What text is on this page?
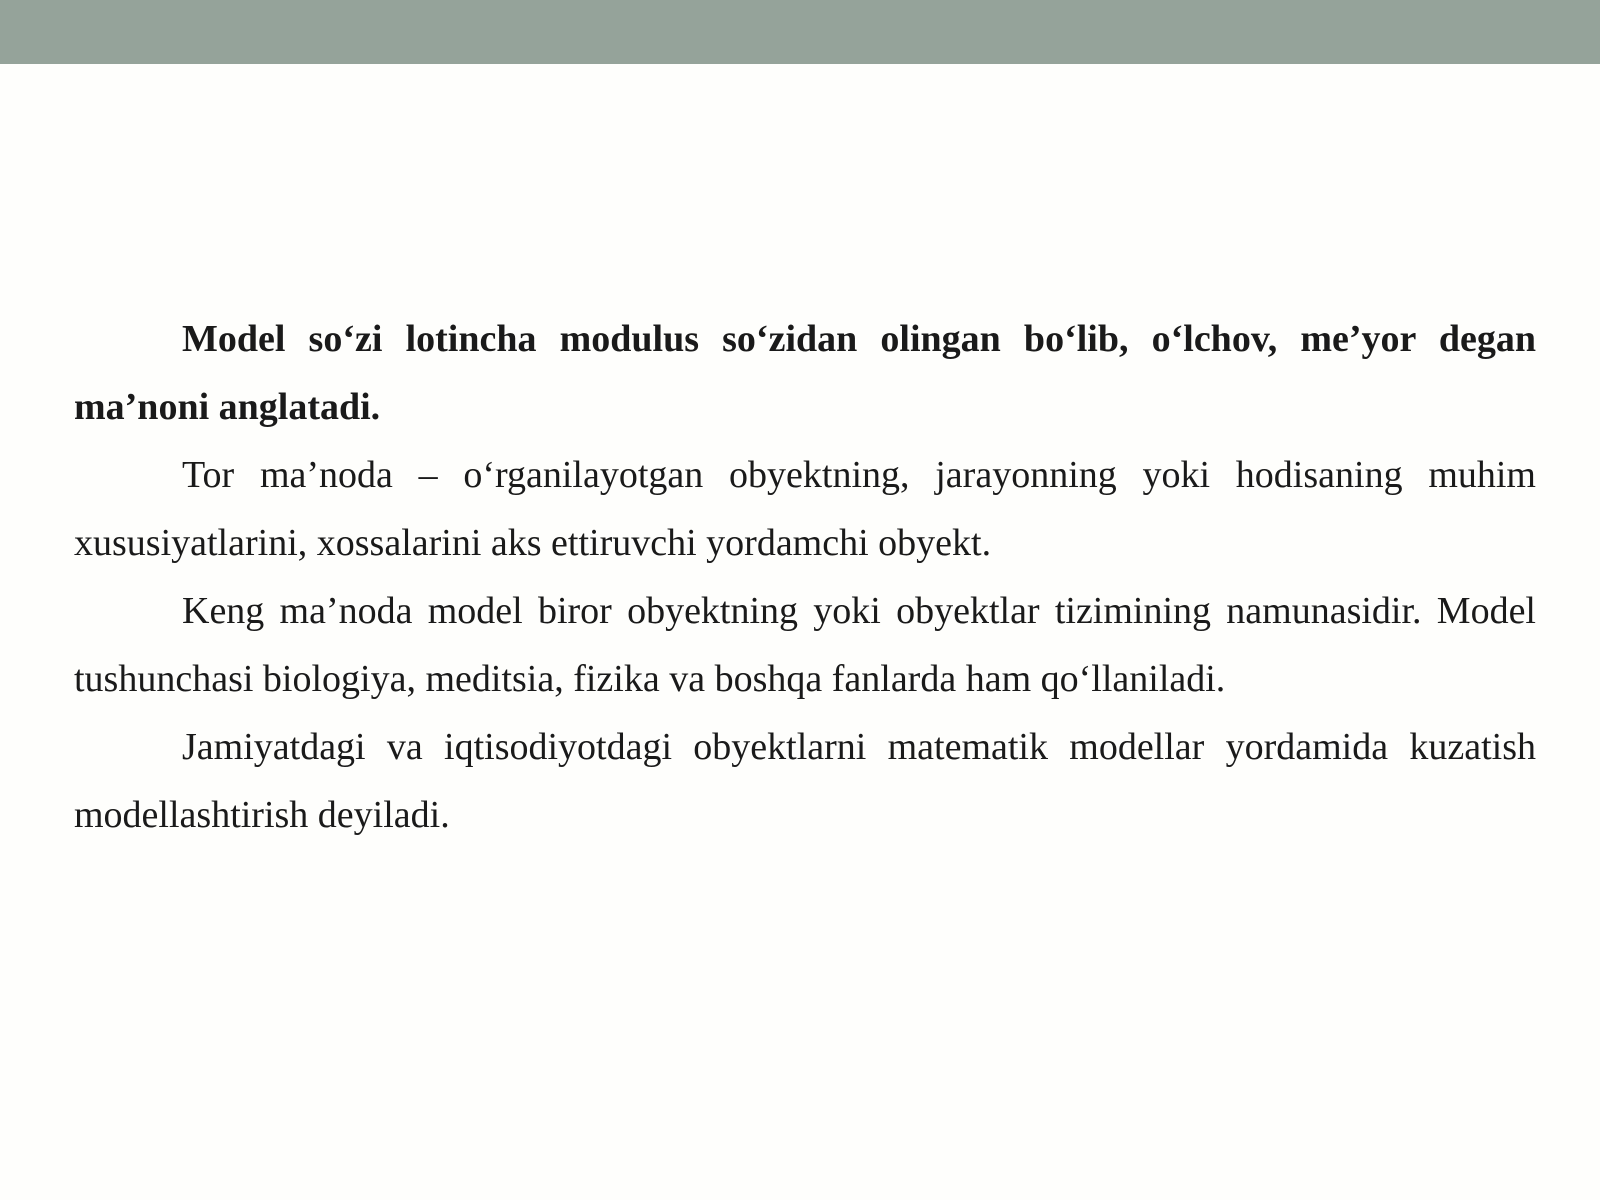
Model so‘zi lotincha modulus so‘zidan olingan bo‘lib, o‘lchov, me’yor degan ma’noni anglatadi.

Tor ma’noda – o‘rganilayotgan obyektning, jarayonning yoki hodisaning muhim xususiyatlarini, xossalarini aks ettiruvchi yordamchi obyekt.

Keng ma’noda model biror obyektning yoki obyektlar tizimining namunasidir. Model tushunchasi biologiya, meditsia, fizika va boshqa fanlarda ham qo‘llaniladi.

Jamiyatdagi va iqtisodiyotdagi obyektlarni matematik modellar yordamida kuzatish modellashtirish deyiladi.
